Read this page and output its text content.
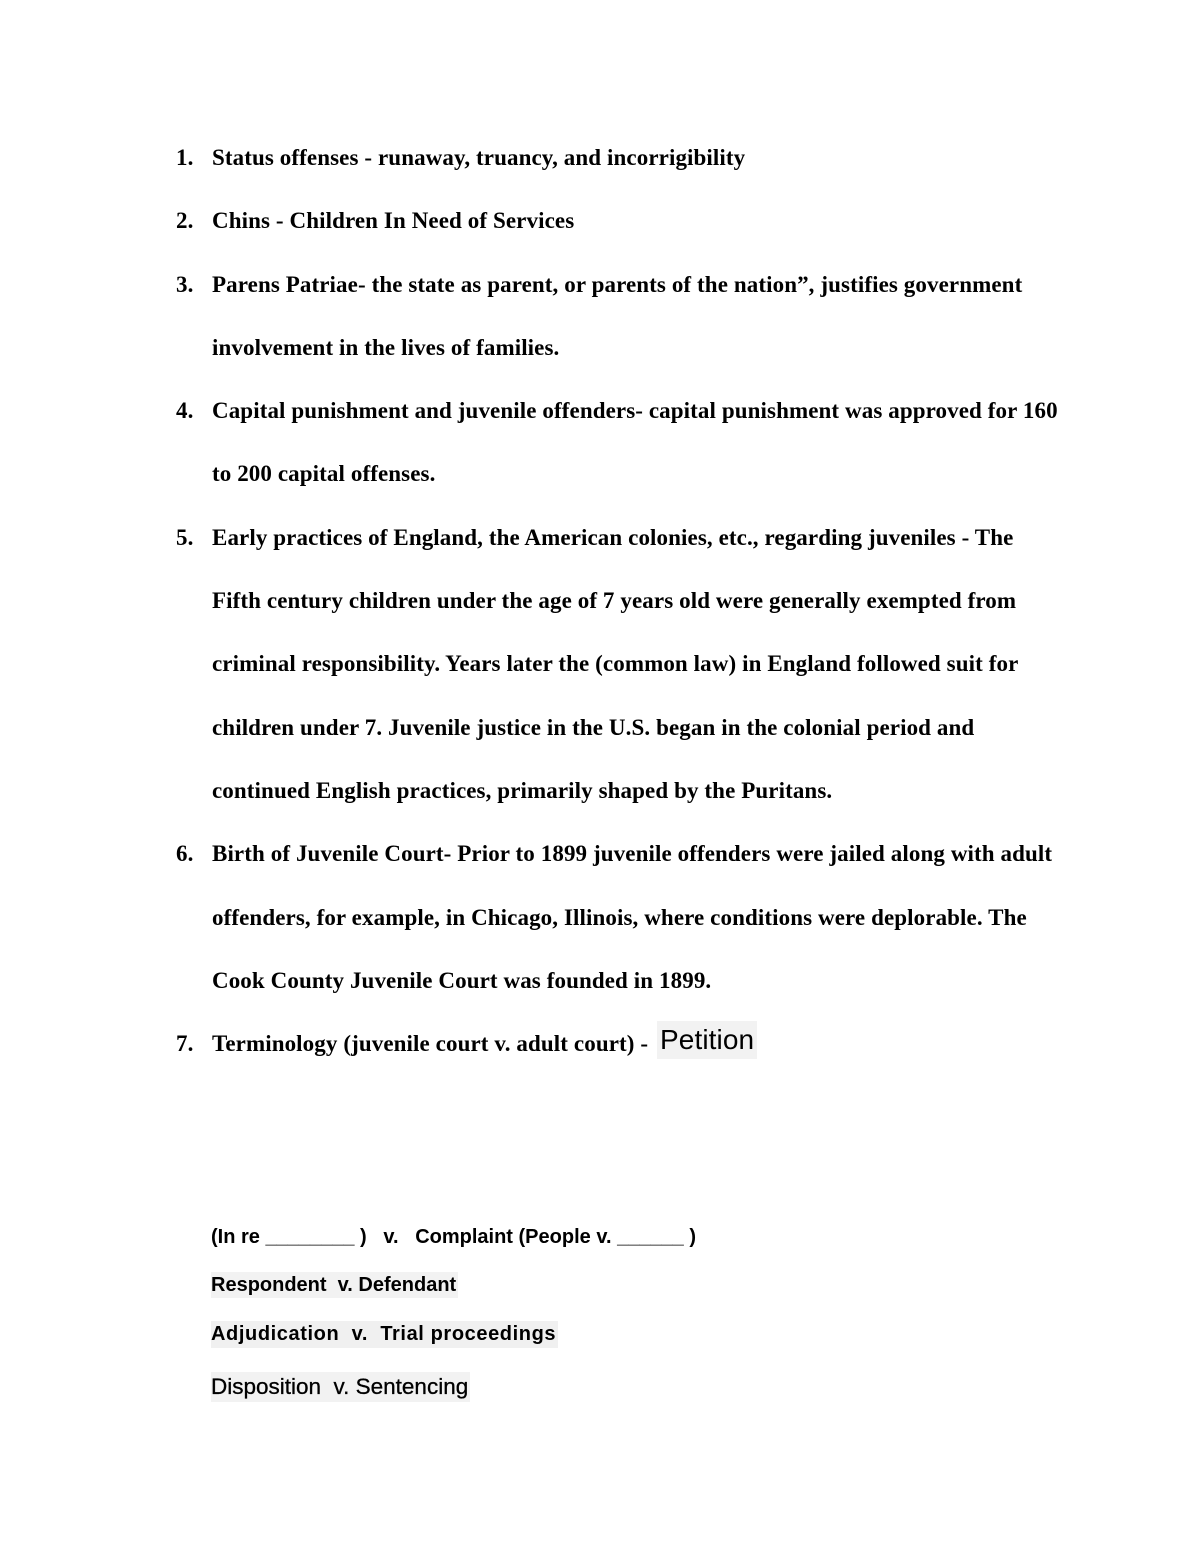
1. Status offenses - runaway, truancy, and incorrigibility
2. Chins - Children In Need of Services
3. Parens Patriae- the state as parent, or parents of the nation”, justifies government involvement in the lives of families.
4. Capital punishment and juvenile offenders- capital punishment was approved for 160 to 200 capital offenses.
5. Early practices of England, the American colonies, etc., regarding juveniles - The Fifth century children under the age of 7 years old were generally exempted from criminal responsibility. Years later the (common law) in England followed suit for children under 7. Juvenile justice in the U.S. began in the colonial period and continued English practices, primarily shaped by the Puritans.
6. Birth of Juvenile Court- Prior to 1899 juvenile offenders were jailed along with adult offenders, for example, in Chicago, Illinois, where conditions were deplorable. The Cook County Juvenile Court was founded in 1899.
7. Terminology (juvenile court v. adult court) - Petition
(In re ________ )   v.   Complaint (People v. ______ )
Respondent  v. Defendant
Adjudication  v.  Trial proceedings
Disposition  v. Sentencing
